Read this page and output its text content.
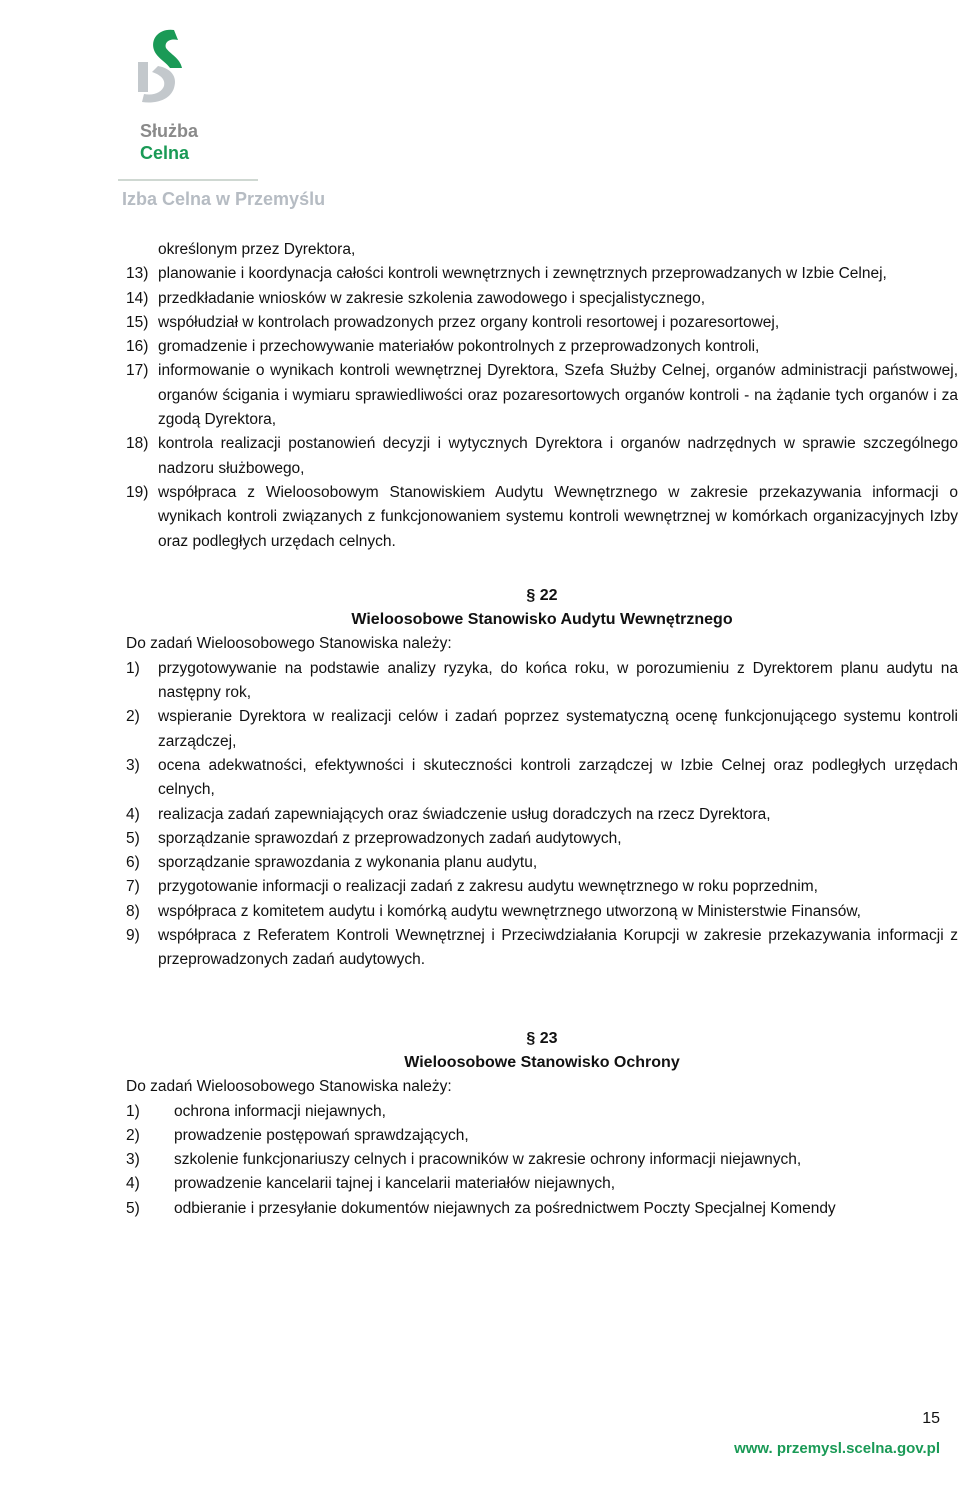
Służba
Celna
Izba Celna w Przemyślu

określonym przez Dyrektora,

13) planowanie i koordynacja całości kontroli wewnętrznych i zewnętrznych przeprowadzanych w Izbie Celnej,
14) przedkładanie wniosków w zakresie szkolenia zawodowego i specjalistycznego,
15) współudział w kontrolach prowadzonych przez organy kontroli resortowej i pozaresortowej,
16) gromadzenie i przechowywanie materiałów pokontrolnych z przeprowadzonych kontroli,
17) informowanie o wynikach kontroli wewnętrznej Dyrektora, Szefa Służby Celnej, organów administracji państwowej, organów ścigania i wymiaru sprawiedliwości oraz pozaresortowych organów kontroli - na żądanie tych organów i za zgodą Dyrektora,
18) kontrola realizacji postanowień decyzji i wytycznych Dyrektora i organów nadrzędnych w sprawie szczególnego nadzoru służbowego,
19) współpraca z Wieloosobowym Stanowiskiem Audytu Wewnętrznego w zakresie przekazywania informacji o wynikach kontroli związanych z funkcjonowaniem systemu kontroli wewnętrznej w komórkach organizacyjnych Izby oraz podległych urzędach celnych.
§ 22
Wieloosobowe Stanowisko Audytu Wewnętrznego

Do zadań Wieloosobowego Stanowiska należy:

1)	przygotowywanie na podstawie analizy ryzyka, do końca roku, w porozumieniu z Dyrektorem planu audytu na następny rok,
2)	wspieranie Dyrektora w realizacji celów i zadań poprzez systematyczną ocenę funkcjonującego systemu kontroli zarządczej,
3)	ocena adekwatności, efektywności i skuteczności kontroli zarządczej w Izbie Celnej oraz podległych urzędach celnych,
4)	realizacja zadań zapewniających oraz świadczenie usług doradczych na rzecz Dyrektora,
5)	sporządzanie sprawozdań z przeprowadzonych zadań audytowych,
6)	sporządzanie sprawozdania z wykonania planu audytu,
7)	przygotowanie informacji o realizacji zadań z zakresu audytu wewnętrznego w roku poprzednim,
8)	współpraca z komitetem audytu i komórką audytu wewnętrznego utworzoną w Ministerstwie Finansów,
9)	współpraca z Referatem Kontroli Wewnętrznej i Przeciwdziałania Korupcji w zakresie przekazywania informacji z przeprowadzonych zadań audytowych.
§ 23
Wieloosobowe Stanowisko Ochrony

Do zadań Wieloosobowego Stanowiska należy:

1)	ochrona informacji niejawnych,
2)	prowadzenie postępowań sprawdzających,
3)	szkolenie funkcjonariuszy celnych i pracowników w zakresie ochrony informacji niejawnych,
4)	prowadzenie kancelarii tajnej i kancelarii materiałów niejawnych,
5)	odbieranie i przesyłanie dokumentów niejawnych za pośrednictwem Poczty Specjalnej Komendy
15
www. przemysl.scelna.gov.pl
